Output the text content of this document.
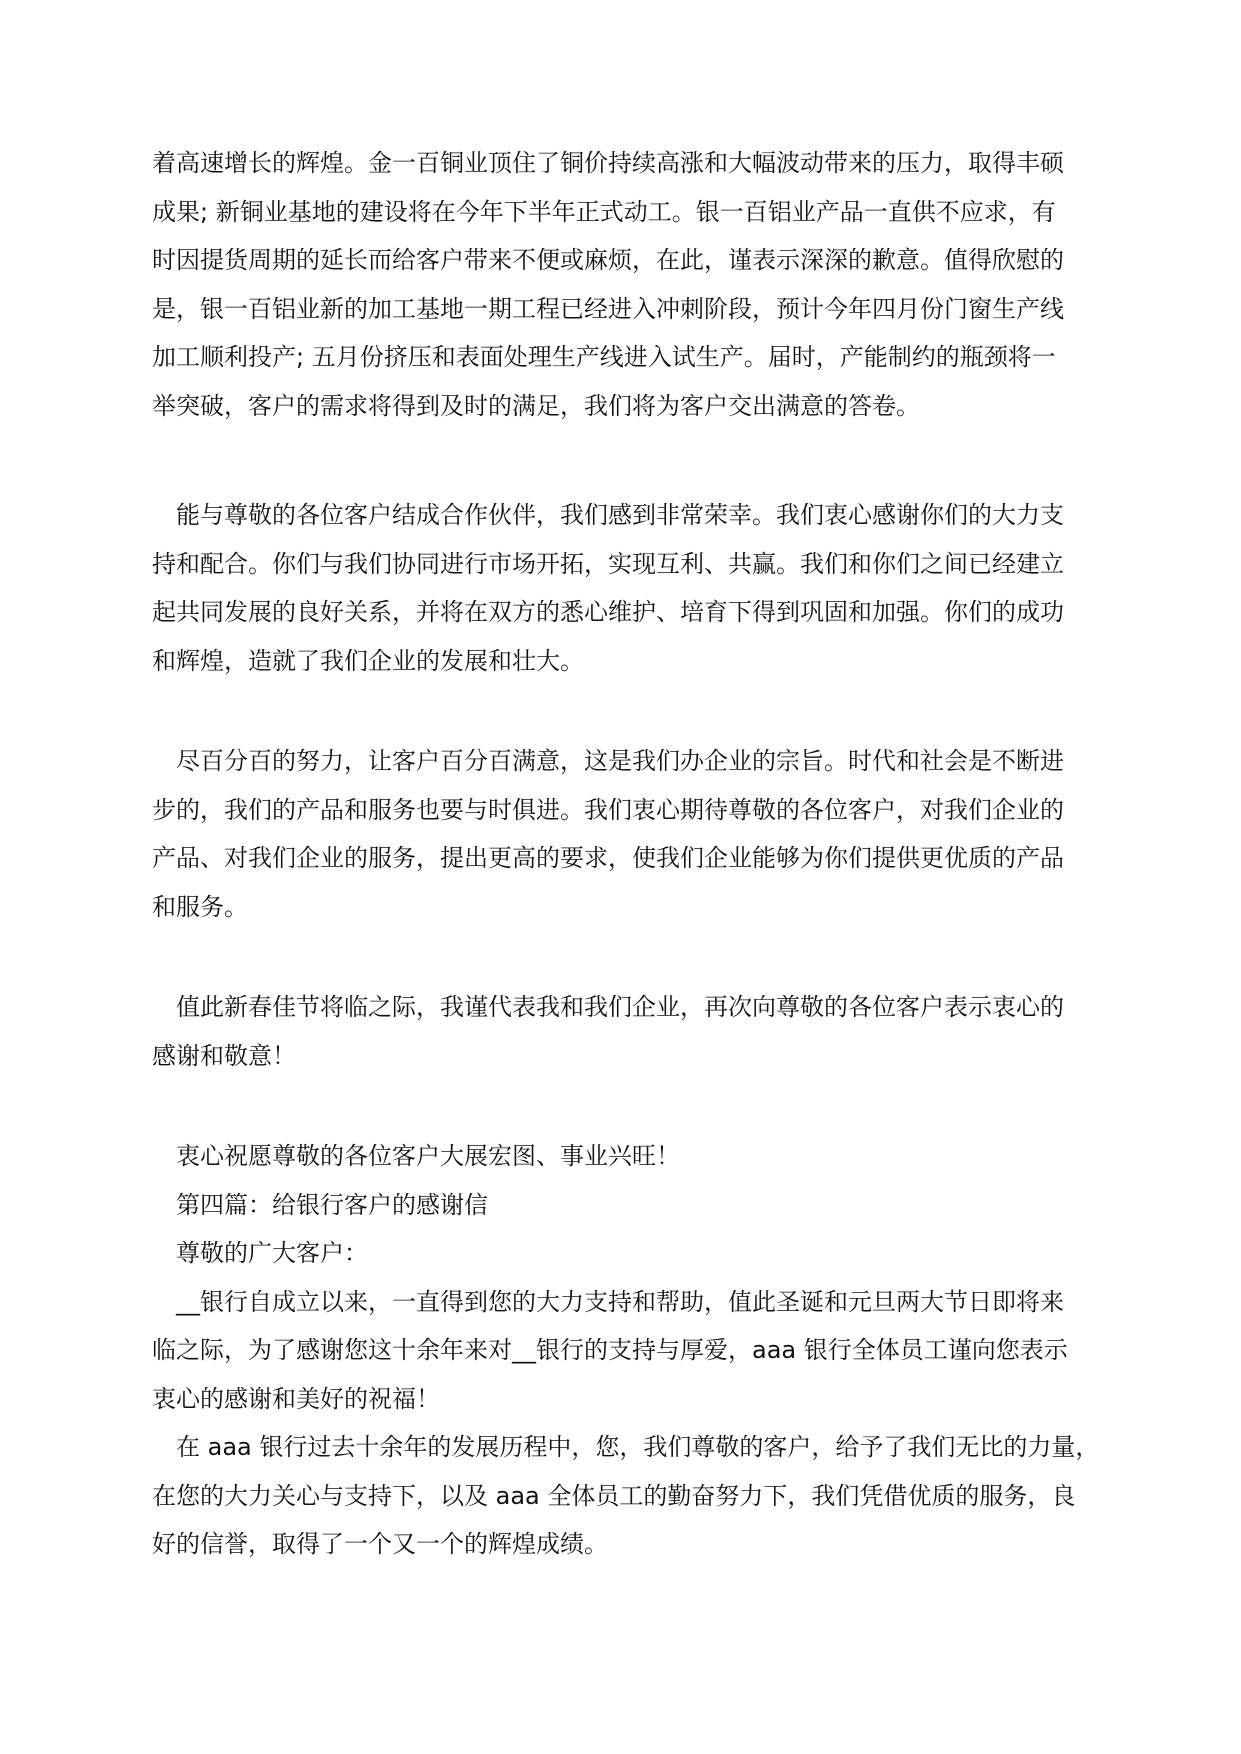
着高速增长的辉煌。金一百铜业顶住了铜价持续高涨和大幅波动带来的压力，取得丰硕
成果; 新铜业基地的建设将在今年下半年正式动工。银一百铝业产品一直供不应求，有
时因提货周期的延长而给客户带来不便或麻烦，在此，谨表示深深的歉意。值得欣慰的
是，银一百铝业新的加工基地一期工程已经进入冲刺阶段，预计今年四月份门窗生产线
加工顺利投产; 五月份挤压和表面处理生产线进入试生产。届时，产能制约的瓶颈将一
举突破，客户的需求将得到及时的满足，我们将为客户交出满意的答卷。
能与尊敬的各位客户结成合作伙伴，我们感到非常荣幸。我们衷心感谢你们的大力支
持和配合。你们与我们协同进行市场开拓，实现互利、共赢。我们和你们之间已经建立
起共同发展的良好关系，并将在双方的悉心维护、培育下得到巩固和加强。你们的成功
和辉煌，造就了我们企业的发展和壮大。
尽百分百的努力，让客户百分百满意，这是我们办企业的宗旨。时代和社会是不断进
步的，我们的产品和服务也要与时俱进。我们衷心期待尊敬的各位客户，对我们企业的
产品、对我们企业的服务，提出更高的要求，使我们企业能够为你们提供更优质的产品
和服务。
值此新春佳节将临之际，我谨代表我和我们企业，再次向尊敬的各位客户表示衷心的
感谢和敬意！
衷心祝愿尊敬的各位客户大展宏图、事业兴旺！
第四篇：给银行客户的感谢信
尊敬的广大客户：
__银行自成立以来，一直得到您的大力支持和帮助，值此圣诞和元旦两大节日即将来
临之际，为了感谢您这十余年来对__银行的支持与厚爱，aaa 银行全体员工谨向您表示
衷心的感谢和美好的祝福！
在 aaa 银行过去十余年的发展历程中，您，我们尊敬的客户，给予了我们无比的力量，
在您的大力关心与支持下，以及 aaa 全体员工的勤奋努力下，我们凭借优质的服务，良
好的信誉，取得了一个又一个的辉煌成绩。
